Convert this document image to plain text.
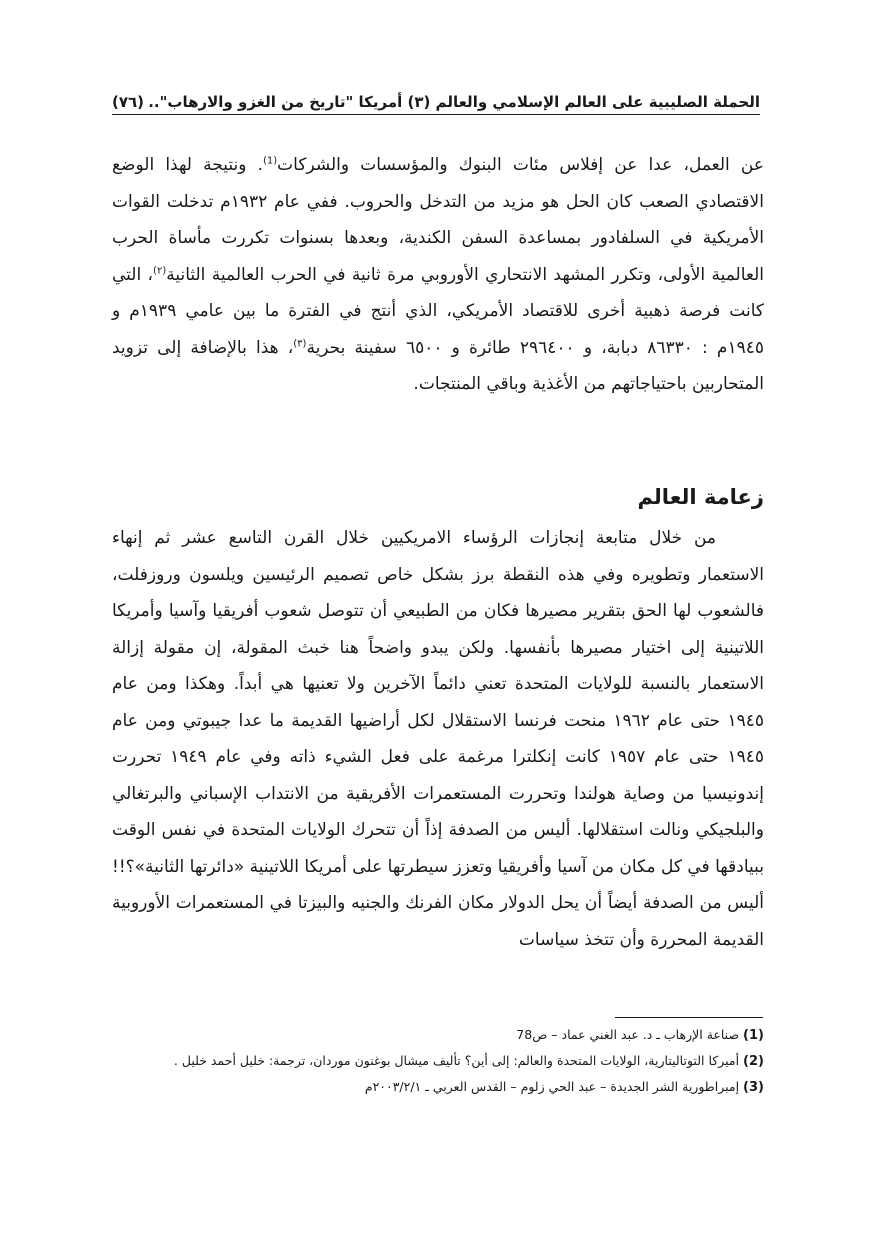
الحملة الصليبية على العالم الإسلامي والعالم (٣) أمريكا "تاريخ من الغزو والارهاب"..
(٧٦)

عن العمل، عدا عن إفلاس مئات البنوك والمؤسسات والشركات$^{(1)}$. ونتيجة لهذا الوضع الاقتصادي الصعب كان الحل هو مزيد من التدخل والحروب. ففي عام ١٩٣٢م تدخلت القوات الأمريكية في السلفادور بمساعدة السفن الكندية، وبعدها بسنوات تكررت مأساة الحرب العالمية الأولى، وتكرر المشهد الانتحاري الأوروبي مرة ثانية في الحرب العالمية الثانية$^{(٢)}$، التي كانت فرصة ذهبية أخرى للاقتصاد الأمريكي، الذي أنتج في الفترة ما بين عامي ١٩٣٩م و ١٩٤٥م : ٨٦٣٣٠ دبابة، و ٢٩٦٤٠٠ طائرة و ٦٥٠٠ سفينة بحرية$^{(٣)}$، هذا بالإضافة إلى تزويد المتحاربين باحتياجاتهم من الأغذية وباقي المنتجات.

زعامة العالم

من خلال متابعة إنجازات الرؤساء الامريكيين خلال القرن التاسع عشر ثم إنهاء الاستعمار وتطويره وفي هذه النقطة برز بشكل خاص تصميم الرئيسين ويلسون وروزفلت، فالشعوب لها الحق بتقرير مصيرها فكان من الطبيعي أن تتوصل شعوب أفريقيا وآسيا وأمريكا اللاتينية إلى اختيار مصيرها بأنفسها. ولكن يبدو واضحاً هنا خبث المقولة، إن مقولة إزالة الاستعمار بالنسبة للولايات المتحدة تعني دائماً الآخرين ولا تعنيها هي أبداً. وهكذا ومن عام ١٩٤٥ حتى عام ١٩٦٢ منحت فرنسا الاستقلال لكل أراضيها القديمة ما عدا جيبوتي ومن عام ١٩٤٥ حتى عام ١٩٥٧ كانت إنكلترا مرغمة على فعل الشيء ذاته وفي عام ١٩٤٩ تحررت إندونيسيا من وصاية هولندا وتحررت المستعمرات الأفريقية من الانتداب الإسباني والبرتغالي والبلجيكي ونالت استقلالها. أليس من الصدفة إذاً أن تتحرك الولايات المتحدة في نفس الوقت ببيادقها في كل مكان من آسيا وأفريقيا وتعزز سيطرتها على أمريكا اللاتينية «دائرتها الثانية»؟!! أليس من الصدفة أيضاً أن يحل الدولار مكان الفرنك والجنيه والبيزتا في المستعمرات الأوروبية القديمة المحررة وأن تتخذ سياسات

(1) صناعة الإرهاب ـ د. عبد الغني عماد – ص78

(2) أميركا التوتاليتارية، الولايات المتحدة والعالم: إلى أين؟ تأليف ميشال بوغنون موردان، ترجمة: خليل أحمد خليل .

(3) إمبراطورية الشر الجديدة – عبد الحي زلوم – القدس العربي ـ ٢٠٠٣/٢/١م
